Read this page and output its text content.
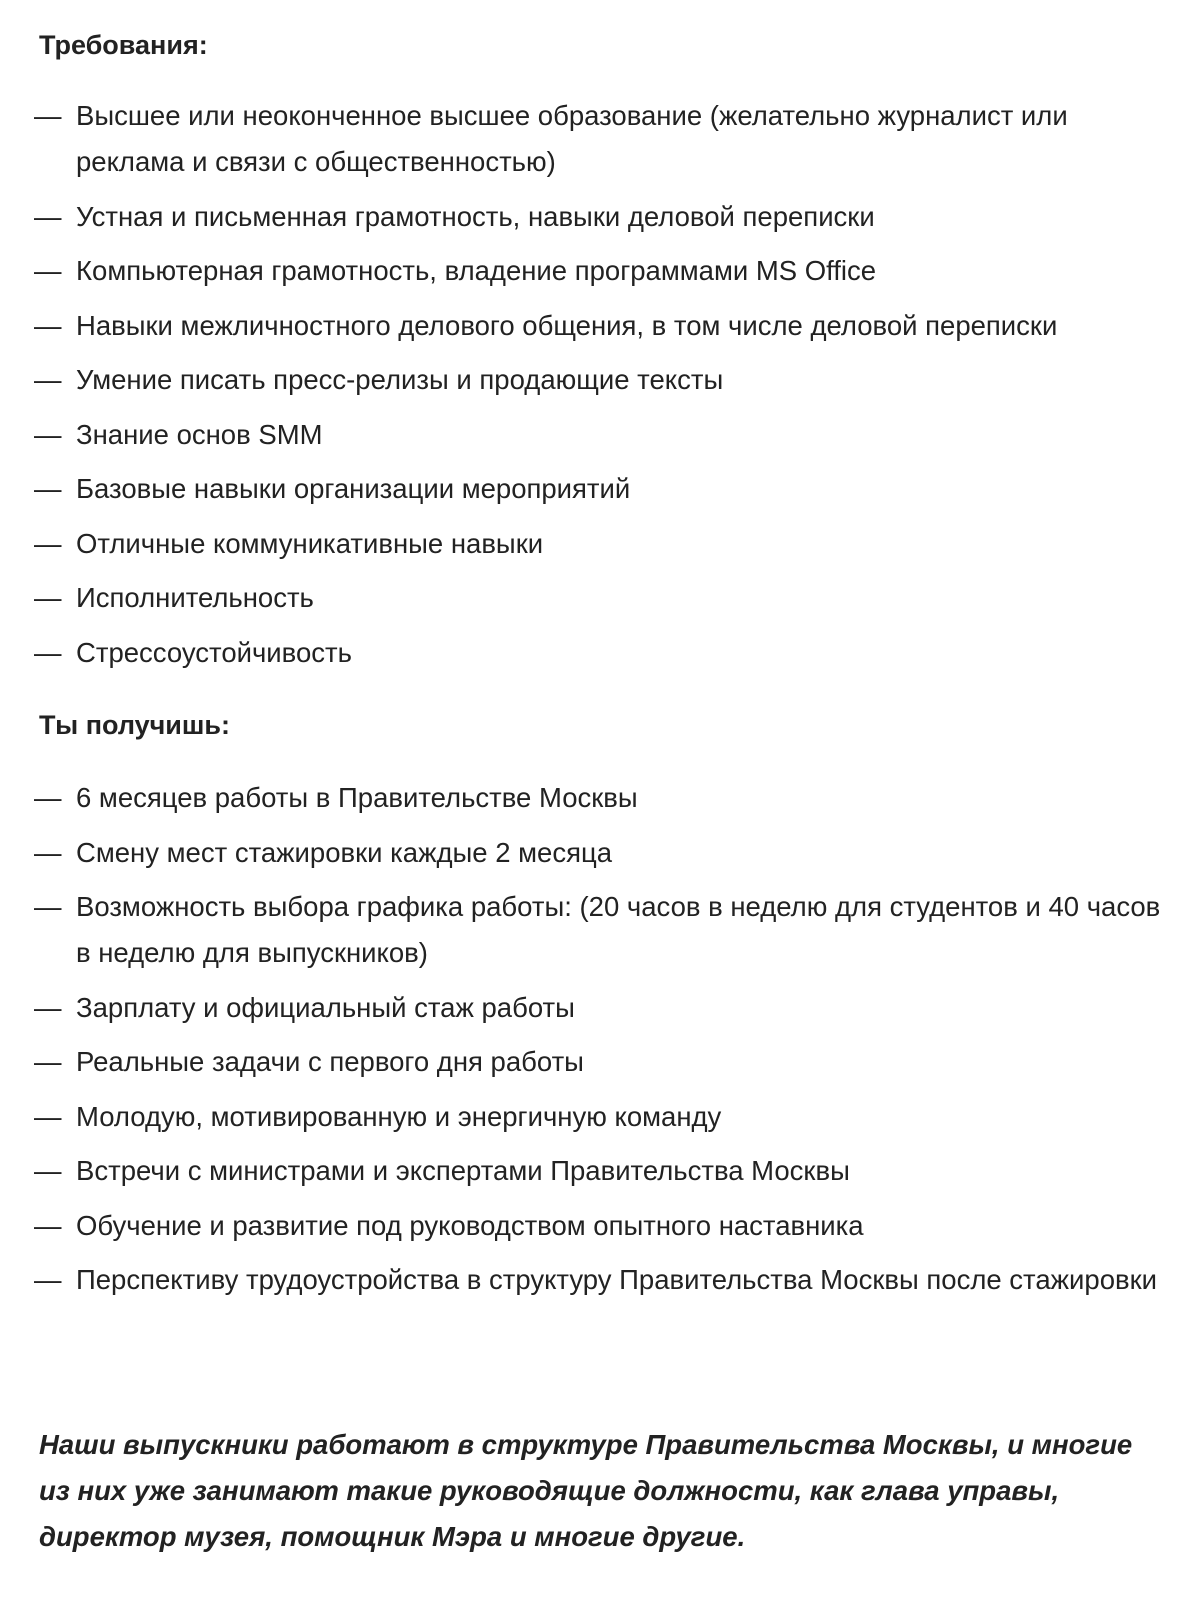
Требования:
— Высшее или неоконченное высшее образование (желательно журналист или реклама и связи с общественностью)
— Устная и письменная грамотность, навыки деловой переписки
— Компьютерная грамотность, владение программами MS Office
— Навыки межличностного делового общения, в том числе деловой переписки
— Умение писать пресс-релизы и продающие тексты
— Знание основ SMM
— Базовые навыки организации мероприятий
— Отличные коммуникативные навыки
— Исполнительность
— Стрессоустойчивость
Ты получишь:
— 6 месяцев работы в Правительстве Москвы
— Смену мест стажировки каждые 2 месяца
— Возможность выбора графика работы: (20 часов в неделю для студентов и 40 часов в неделю для выпускников)
— Зарплату и официальный стаж работы
— Реальные задачи с первого дня работы
— Молодую, мотивированную и энергичную команду
— Встречи с министрами и экспертами Правительства Москвы
— Обучение и развитие под руководством опытного наставника
— Перспективу трудоустройства в структуру Правительства Москвы после стажировки

Наши выпускники работают в структуре Правительства Москвы, и многие из них уже занимают такие руководящие должности, как глава управы, директор музея, помощник Мэра и многие другие.
